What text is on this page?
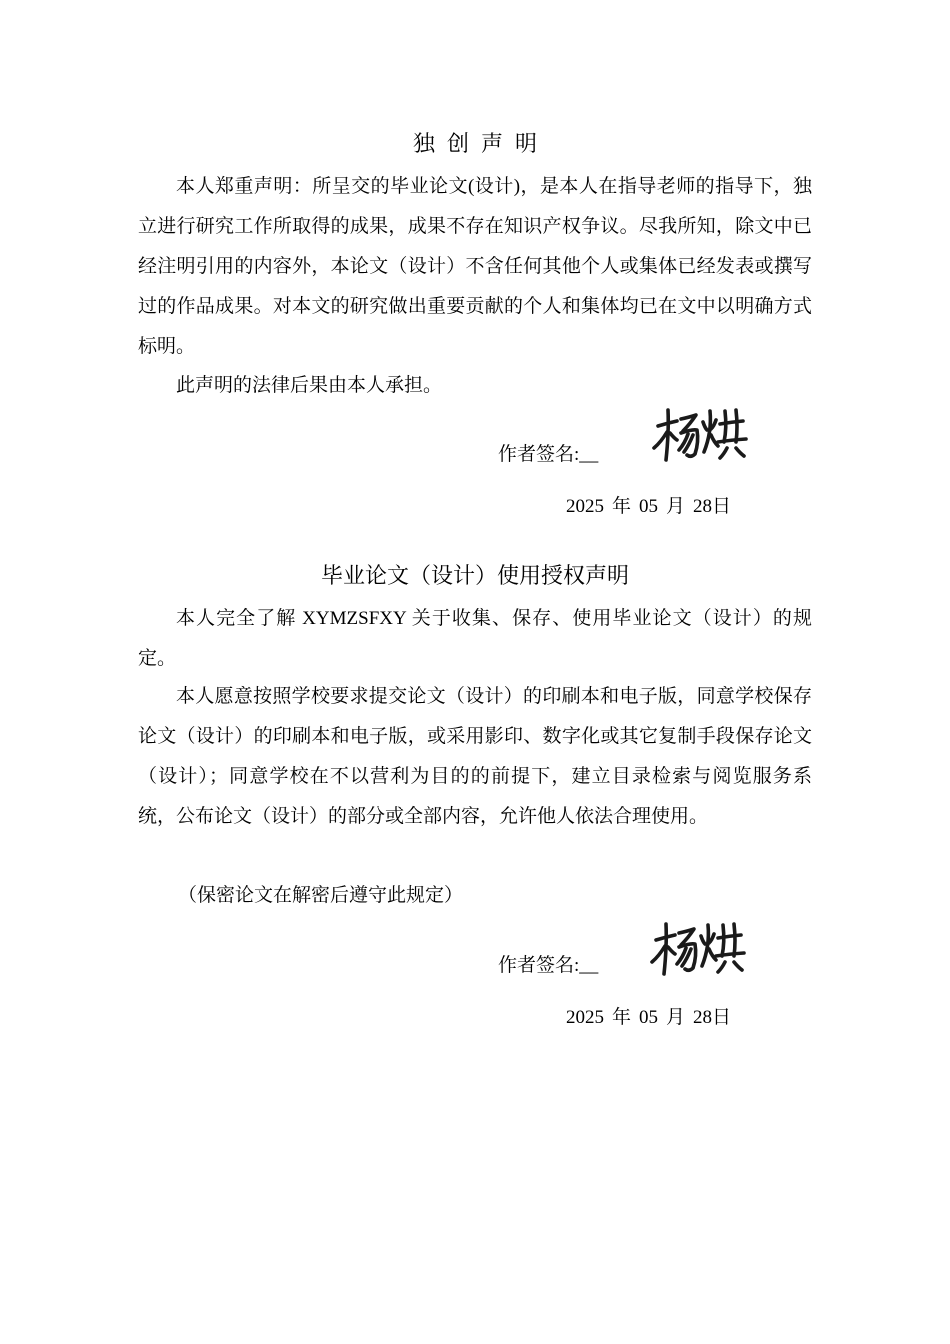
独创声明

本人郑重声明：所呈交的毕业论文(设计)，是本人在指导老师的指导下，独立进行研究工作所取得的成果，成果不存在知识产权争议。尽我所知，除文中已经注明引用的内容外，本论文（设计）不含任何其他个人或集体已经发表或撰写过的作品成果。对本文的研究做出重要贡献的个人和集体均已在文中以明确方式标明。

此声明的法律后果由本人承担。

作者签名:__
2025 年 05 月 28日
毕业论文（设计）使用授权声明

本人完全了解 XYMZSFXY 关于收集、保存、使用毕业论文（设计）的规定。

本人愿意按照学校要求提交论文（设计）的印刷本和电子版，同意学校保存论文（设计）的印刷本和电子版，或采用影印、数字化或其它复制手段保存论文（设计）；同意学校在不以营利为目的的前提下，建立目录检索与阅览服务系统，公布论文（设计）的部分或全部内容，允许他人依法合理使用。

（保密论文在解密后遵守此规定）

作者签名:__
2025 年 05 月 28日
